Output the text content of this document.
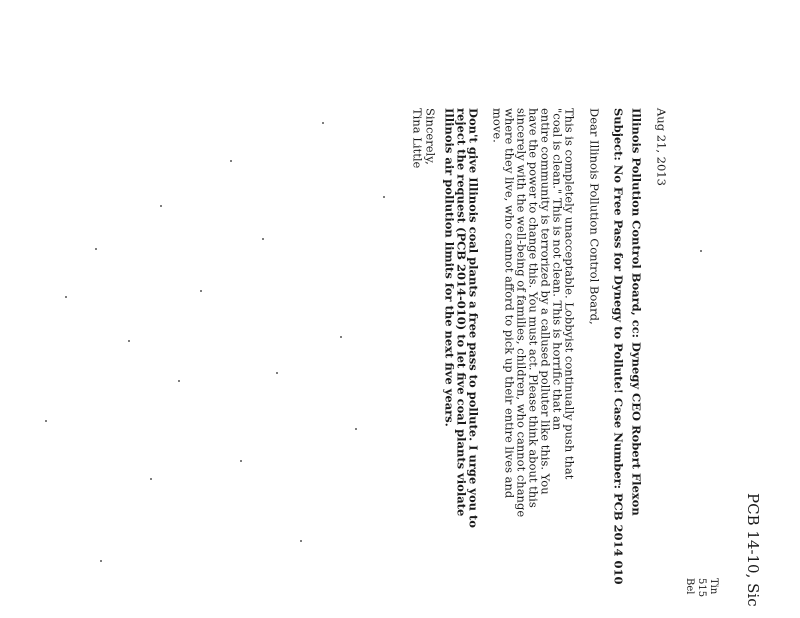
PCB 14-10, Sic
Tin
515
Bel
Aug 21, 2013
Illinois Pollution Control Board, cc: Dynegy CEO Robert Flexon
Subject: No Free Pass for Dynegy to Pollute! Case Number: PCB 2014 010
Dear Illinois Pollution Control Board,
This is completely unacceptable. Lobbyist continually push that
"coal is clean." This is not clean. This is horrific that an
entire community is terrorized by a callused polluter like this. You
have the power to change this. You must act. Please think about this
sincerely with the well-being of families, children, who cannot change
where they live, who cannot afford to pick up their entire lives and
move.
Don't give Illinois coal plants a free pass to pollute. I urge you to
reject the request (PCB 2014-010) to let five coal plants violate
Illinois air pollution limits for the next five years.
Sincerely,
Tina Little
